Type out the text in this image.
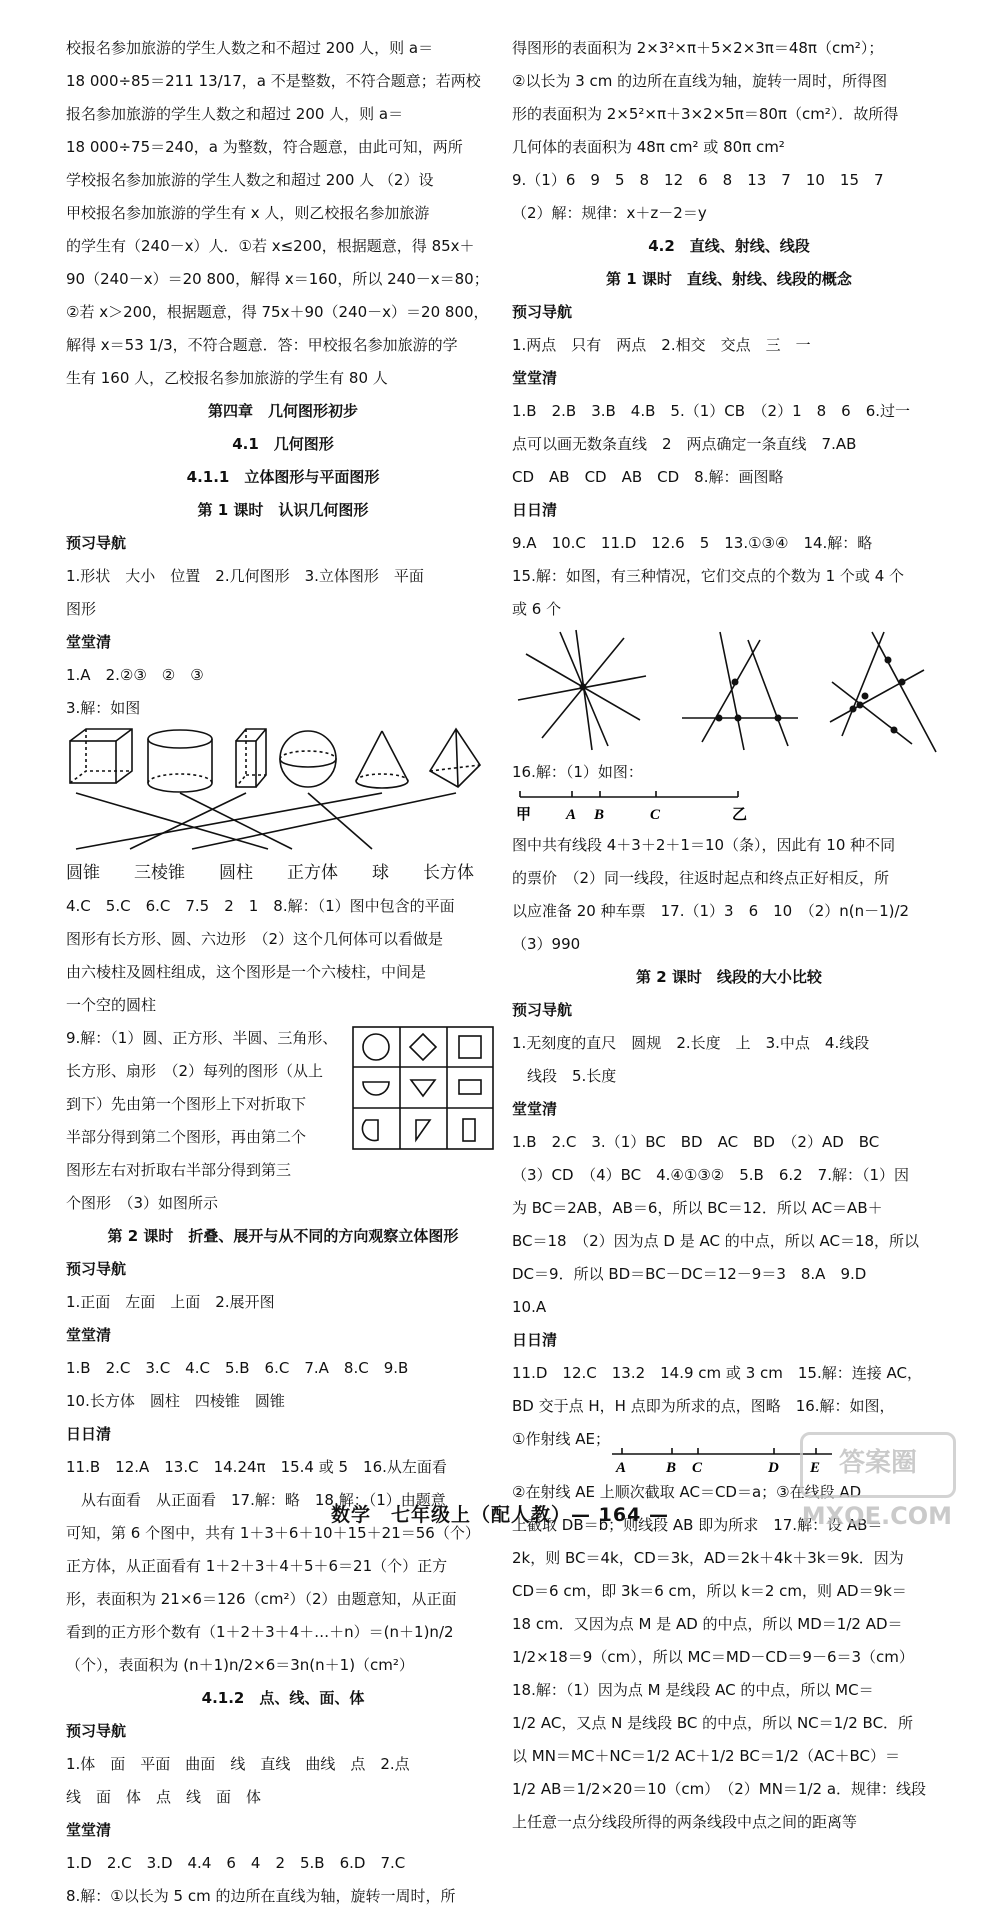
校报名参加旅游的学生人数之和不超过 200 人，则 a＝
18 000÷85＝211 13/17，a 不是整数，不符合题意；若两校
报名参加旅游的学生人数之和超过 200 人，则 a＝
18 000÷75＝240，a 为整数，符合题意，由此可知，两所
学校报名参加旅游的学生人数之和超过 200 人 （2）设
甲校报名参加旅游的学生有 x 人，则乙校报名参加旅游
的学生有（240－x）人．①若 x≤200，根据题意，得 85x＋
90（240－x）＝20 800，解得 x＝160，所以 240－x＝80；
②若 x＞200，根据题意，得 75x＋90（240－x）＝20 800，
解得 x＝53 1/3，不符合题意．答：甲校报名参加旅游的学
生有 160 人，乙校报名参加旅游的学生有 80 人
第四章　几何图形初步
4.1　几何图形
4.1.1　立体图形与平面图形
第 1 课时　认识几何图形
预习导航
1.形状　大小　位置　2.几何图形　3.立体图形　平面
图形
堂堂清
1.A　2.②③　②　③
3.解：如图
圆锥　　三棱锥　　圆柱　　正方体　　球　　长方体
4.C　5.C　6.C　7.5　2　1　8.解：（1）图中包含的平面
图形有长方形、圆、六边形　（2）这个几何体可以看做是
由六棱柱及圆柱组成，这个图形是一个六棱柱，中间是
一个空的圆柱
9.解：（1）圆、正方形、半圆、三角形、
长方形、扇形　（2）每列的图形（从上
到下）先由第一个图形上下对折取下
半部分得到第二个图形，再由第二个
图形左右对折取右半部分得到第三
个图形　（3）如图所示
第 2 课时　折叠、展开与从不同的方向观察立体图形
预习导航
1.正面　左面　上面　2.展开图
堂堂清
1.B　2.C　3.C　4.C　5.B　6.C　7.A　8.C　9.B
10.长方体　圆柱　四棱锥　圆锥
日日清
11.B　12.A　13.C　14.24π　15.4 或 5　16.从左面看
　从右面看　从正面看　17.解：略　18.解：（1）由题意
可知，第 6 个图中，共有 1＋3＋6＋10＋15＋21＝56（个）
正方体，从正面看有 1＋2＋3＋4＋5＋6＝21（个）正方
形，表面积为 21×6＝126（cm²）（2）由题意知，从正面
看到的正方形个数有（1＋2＋3＋4＋…＋n）＝(n＋1)n/2
（个），表面积为 (n＋1)n/2×6＝3n(n＋1)（cm²）
4.1.2　点、线、面、体
预习导航
1.体　面　平面　曲面　线　直线　曲线　点　2.点
线　面　体　点　线　面　体
堂堂清
1.D　2.C　3.D　4.4　6　4　2　5.B　6.D　7.C
8.解：①以长为 5 cm 的边所在直线为轴，旋转一周时，所
得图形的表面积为 2×3²×π＋5×2×3π＝48π（cm²）；
②以长为 3 cm 的边所在直线为轴，旋转一周时，所得图
形的表面积为 2×5²×π＋3×2×5π＝80π（cm²）．故所得
几何体的表面积为 48π cm² 或 80π cm²
9.（1）6　9　5　8　12　6　8　13　7　10　15　7
（2）解：规律：x＋z－2＝y
4.2　直线、射线、线段
第 1 课时　直线、射线、线段的概念
预习导航
1.两点　只有　两点　2.相交　交点　三　一
堂堂清
1.B　2.B　3.B　4.B　5.（1）CB　（2）1　8　6　6.过一
点可以画无数条直线　2　两点确定一条直线　7.AB
CD　AB　CD　AB　CD　8.解：画图略
日日清
9.A　10.C　11.D　12.6　5　13.①③④　14.解：略
15.解：如图，有三种情况，它们交点的个数为 1 个或 4 个
或 6 个
16.解：（1）如图：
甲 A B	C	乙
图中共有线段 4＋3＋2＋1＝10（条），因此有 10 种不同
的票价　（2）同一线段，往返时起点和终点正好相反，所
以应准备 20 种车票　17.（1）3　6　10　（2）n(n－1)/2
（3）990
第 2 课时　线段的大小比较
预习导航
1.无刻度的直尺　圆规　2.长度　上　3.中点　4.线段
　线段　5.长度
堂堂清
1.B　2.C　3.（1）BC　BD　AC　BD　（2）AD　BC
（3）CD　（4）BC　4.④①③②　5.B　6.2　7.解：（1）因
为 BC＝2AB，AB＝6，所以 BC＝12．所以 AC＝AB＋
BC＝18　（2）因为点 D 是 AC 的中点，所以 AC＝18，所以
DC＝9．所以 BD＝BC－DC＝12－9＝3　8.A　9.D
10.A
日日清
11.D　12.C　13.2　14.9 cm 或 3 cm　15.解：连接 AC，
BD 交于点 H，H 点即为所求的点，图略　16.解：如图，
①作射线 AE；
A	B C	D E
②在射线 AE 上顺次截取 AC＝CD＝a；③在线段 AD
上截取 DB＝b；则线段 AB 即为所求　17.解：设 AB＝
2k，则 BC＝4k，CD＝3k，AD＝2k＋4k＋3k＝9k．因为
CD＝6 cm，即 3k＝6 cm，所以 k＝2 cm，则 AD＝9k＝
18 cm．又因为点 M 是 AD 的中点，所以 MD＝1/2 AD＝
1/2×18＝9（cm），所以 MC＝MD－CD＝9－6＝3（cm）
18.解：（1）因为点 M 是线段 AC 的中点，所以 MC＝
1/2 AC，又点 N 是线段 BC 的中点，所以 NC＝1/2 BC．所
以 MN＝MC＋NC＝1/2 AC＋1/2 BC＝1/2（AC＋BC）＝
1/2 AB＝1/2×20＝10（cm）　（2）MN＝1/2 a．规律：线段
上任意一点分线段所得的两条线段中点之间的距离等
数学　七年级上（配人教）— 164 —
答案圈
MXQE.COM
